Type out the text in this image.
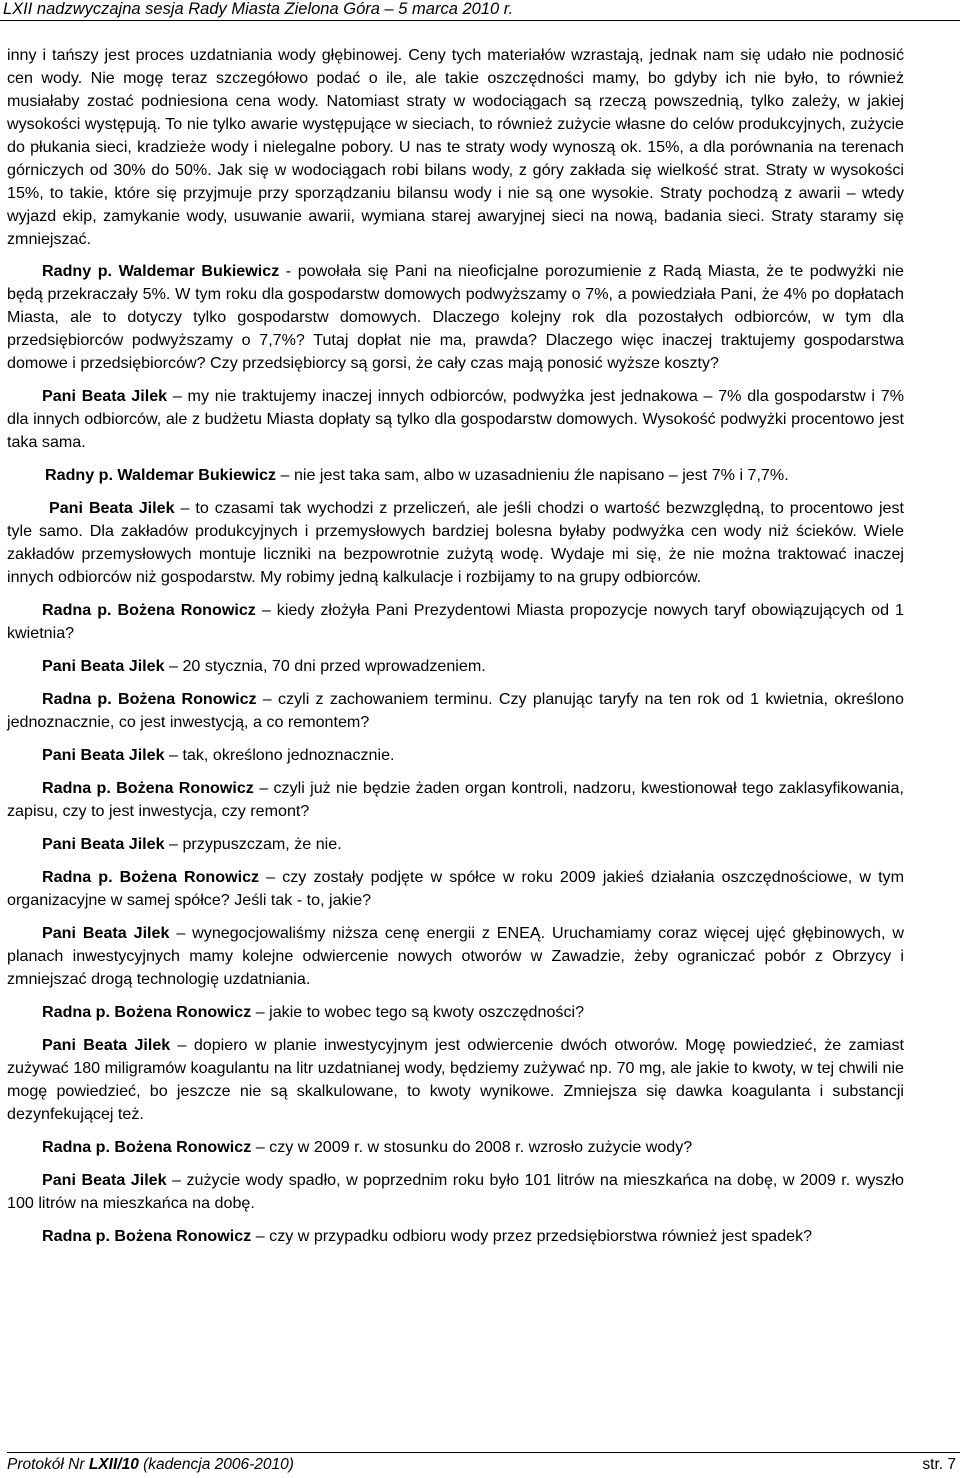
LXII nadzwyczajna sesja Rady Miasta Zielona Góra – 5 marca 2010 r.

inny i tańszy jest proces uzdatniania wody głębinowej. Ceny tych materiałów wzrastają, jednak nam się udało nie podnosić cen wody. Nie mogę teraz szczegółowo podać o ile, ale takie oszczędności mamy, bo gdyby ich nie było, to również musiałaby zostać podniesiona cena wody. Natomiast straty w wodociągach są rzeczą powszednią, tylko zależy, w jakiej wysokości występują. To nie tylko awarie występujące w sieciach, to również zużycie własne do celów produkcyjnych, zużycie do płukania sieci, kradzieże wody i nielegalne pobory. U nas te straty wody wynoszą ok. 15%, a dla porównania na terenach górniczych od 30% do 50%. Jak się w wodociągach robi bilans wody, z góry zakłada się wielkość strat. Straty w wysokości 15%, to takie, które się przyjmuje przy sporządzaniu bilansu wody i nie są one wysokie. Straty pochodzą z awarii – wtedy wyjazd ekip, zamykanie wody, usuwanie awarii, wymiana starej awaryjnej sieci na nową, badania sieci. Straty staramy się zmniejszać.

Radny p. Waldemar Bukiewicz - powołała się Pani na nieoficjalne porozumienie z Radą Miasta, że te podwyżki nie będą przekraczały 5%. W tym roku dla gospodarstw domowych podwyższamy o 7%, a powiedziała Pani, że 4% po dopłatach Miasta, ale to dotyczy tylko gospodarstw domowych. Dlaczego kolejny rok dla pozostałych odbiorców, w tym dla przedsiębiorców podwyższamy o 7,7%? Tutaj dopłat nie ma, prawda? Dlaczego więc inaczej traktujemy gospodarstwa domowe i przedsiębiorców? Czy przedsiębiorcy są gorsi, że cały czas mają ponosić wyższe koszty?

Pani Beata Jilek – my nie traktujemy inaczej innych odbiorców, podwyżka jest jednakowa – 7% dla gospodarstw i 7% dla innych odbiorców, ale z budżetu Miasta dopłaty są tylko dla gospodarstw domowych. Wysokość podwyżki procentowo jest taka sama.

Radny p. Waldemar Bukiewicz – nie jest taka sam, albo w uzasadnieniu źle napisano – jest 7% i 7,7%.

Pani Beata Jilek – to czasami tak wychodzi z przeliczeń, ale jeśli chodzi o wartość bezwzględną, to procentowo jest tyle samo. Dla zakładów produkcyjnych i przemysłowych bardziej bolesna byłaby podwyżka cen wody niż ścieków. Wiele zakładów przemysłowych montuje liczniki na bezpowrotnie zużytą wodę. Wydaje mi się, że nie można traktować inaczej innych odbiorców niż gospodarstw. My robimy jedną kalkulacje i rozbijamy to na grupy odbiorców.

Radna p. Bożena Ronowicz – kiedy złożyła Pani Prezydentowi Miasta propozycje nowych taryf obowiązujących od 1 kwietnia?

Pani Beata Jilek – 20 stycznia, 70 dni przed wprowadzeniem.

Radna p. Bożena Ronowicz – czyli z zachowaniem terminu. Czy planując taryfy na ten rok od 1 kwietnia, określono jednoznacznie, co jest inwestycją, a co remontem?

Pani Beata Jilek – tak, określono jednoznacznie.

Radna p. Bożena Ronowicz – czyli już nie będzie żaden organ kontroli, nadzoru, kwestionował tego zaklasyfikowania, zapisu, czy to jest inwestycja, czy remont?

Pani Beata Jilek – przypuszczam, że nie.

Radna p. Bożena Ronowicz – czy zostały podjęte w spółce w roku 2009 jakieś działania oszczędnościowe, w tym organizacyjne w samej spółce? Jeśli tak - to, jakie?

Pani Beata Jilek – wynegocjowaliśmy niższa cenę energii z ENEĄ. Uruchamiamy coraz więcej ujęć głębinowych, w planach inwestycyjnych mamy kolejne odwiercenie nowych otworów w Zawadzie, żeby ograniczać pobór z Obrzycy i zmniejszać drogą technologię uzdatniania.

Radna p. Bożena Ronowicz – jakie to wobec tego są kwoty oszczędności?

Pani Beata Jilek – dopiero w planie inwestycyjnym jest odwiercenie dwóch otworów. Mogę powiedzieć, że zamiast zużywać 180 miligramów koagulantu na litr uzdatnianej wody, będziemy zużywać np. 70 mg, ale jakie to kwoty, w tej chwili nie mogę powiedzieć, bo jeszcze nie są skalkulowane, to kwoty wynikowe. Zmniejsza się dawka koagulanta i substancji dezynfekującej też.

Radna p. Bożena Ronowicz – czy w 2009 r. w stosunku do 2008 r. wzrosło zużycie wody?

Pani Beata Jilek – zużycie wody spadło, w poprzednim roku było 101 litrów na mieszkańca na dobę, w 2009 r. wyszło 100 litrów na mieszkańca na dobę.

Radna p. Bożena Ronowicz – czy w przypadku odbioru wody przez przedsiębiorstwa również jest spadek?

Protokół Nr LXII/10 (kadencja 2006-2010)	str. 7
